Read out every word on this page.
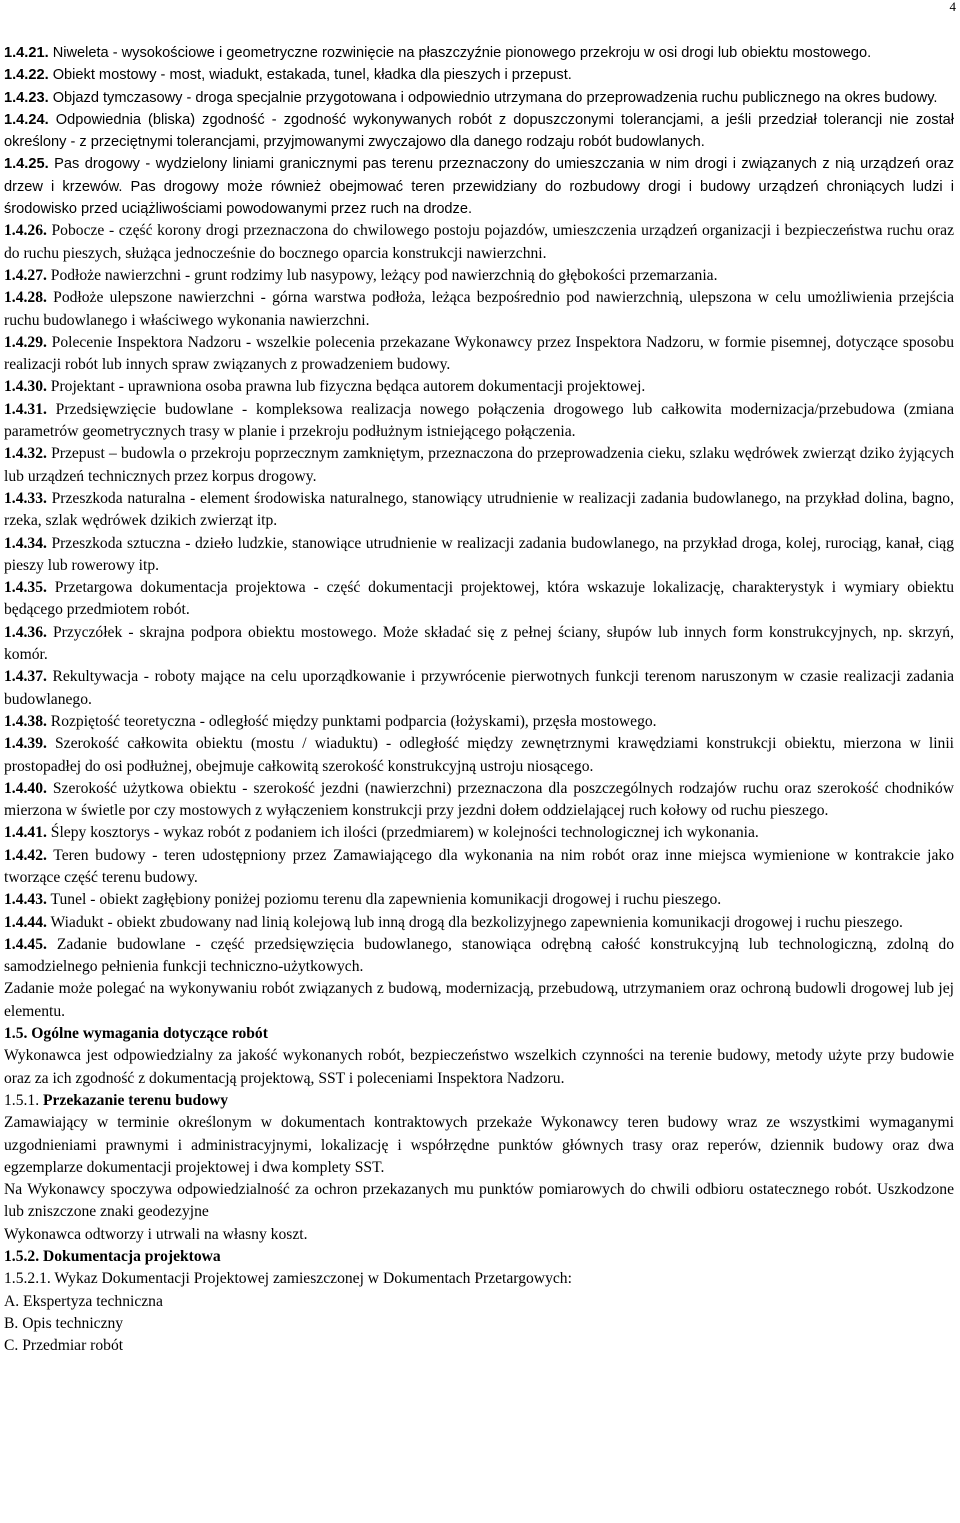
4

1.4.21. Niweleta - wysokościowe i geometryczne rozwinięcie na płaszczyźnie pionowego przekroju w osi drogi lub obiektu mostowego.

1.4.22. Obiekt mostowy - most, wiadukt, estakada, tunel, kładka dla pieszych i przepust.

1.4.23. Objazd tymczasowy - droga specjalnie przygotowana i odpowiednio utrzymana do przeprowadzenia ruchu publicznego na okres budowy.

1.4.24. Odpowiednia (bliska) zgodność - zgodność wykonywanych robót z dopuszczonymi tolerancjami, a jeśli przedział tolerancji nie został określony - z przeciętnymi tolerancjami, przyjmowanymi zwyczajowo dla danego rodzaju robót budowlanych.

1.4.25. Pas drogowy - wydzielony liniami granicznymi pas terenu przeznaczony do umieszczania w nim drogi i związanych z nią urządzeń oraz drzew i krzewów. Pas drogowy może również obejmować teren przewidziany do rozbudowy drogi i budowy urządzeń chroniących ludzi i środowisko przed uciążliwościami powodowanymi przez ruch na drodze.

1.4.26. Pobocze - część korony drogi przeznaczona do chwilowego postoju pojazdów, umieszczenia urządzeń organizacji i bezpieczeństwa ruchu oraz do ruchu pieszych, służąca jednocześnie do bocznego oparcia konstrukcji nawierzchni.

1.4.27. Podłoże nawierzchni - grunt rodzimy lub nasypowy, leżący pod nawierzchnią do głębokości przemarzania.

1.4.28. Podłoże ulepszone nawierzchni - górna warstwa podłoża, leżąca bezpośrednio pod nawierzchnią, ulepszona w celu umożliwienia przejścia ruchu budowlanego i właściwego wykonania nawierzchni.

1.4.29. Polecenie Inspektora Nadzoru - wszelkie polecenia przekazane Wykonawcy przez Inspektora Nadzoru, w formie pisemnej, dotyczące sposobu realizacji robót lub innych spraw związanych z prowadzeniem budowy.

1.4.30. Projektant - uprawniona osoba prawna lub fizyczna będąca autorem dokumentacji projektowej.

1.4.31. Przedsięwzięcie budowlane - kompleksowa realizacja nowego połączenia drogowego lub całkowita modernizacja/przebudowa (zmiana parametrów geometrycznych trasy w planie i przekroju podłużnym istniejącego połączenia.

1.4.32. Przepust – budowla o przekroju poprzecznym zamkniętym, przeznaczona do przeprowadzenia cieku, szlaku wędrówek zwierząt dziko żyjących lub urządzeń technicznych przez korpus drogowy.

1.4.33. Przeszkoda naturalna - element środowiska naturalnego, stanowiący utrudnienie w realizacji zadania budowlanego, na przykład dolina, bagno, rzeka, szlak wędrówek dzikich zwierząt itp.

1.4.34. Przeszkoda sztuczna - dzieło ludzkie, stanowiące utrudnienie w realizacji zadania budowlanego, na przykład droga, kolej, rurociąg, kanał, ciąg pieszy lub rowerowy itp.

1.4.35. Przetargowa dokumentacja projektowa - część dokumentacji projektowej, która wskazuje lokalizację, charakterystyk i wymiary obiektu będącego przedmiotem robót.

1.4.36. Przyczółek - skrajna podpora obiektu mostowego. Może składać się z pełnej ściany, słupów lub innych form konstrukcyjnych, np. skrzyń, komór.

1.4.37. Rekultywacja - roboty mające na celu uporządkowanie i przywrócenie pierwotnych funkcji terenom naruszonym w czasie realizacji zadania budowlanego.

1.4.38. Rozpiętość teoretyczna - odległość między punktami podparcia (łożyskami), przęsła mostowego.

1.4.39. Szerokość całkowita obiektu (mostu / wiaduktu) - odległość między zewnętrznymi krawędziami konstrukcji obiektu, mierzona w linii prostopadłej do osi podłużnej, obejmuje całkowitą szerokość konstrukcyjną ustroju niosącego.

1.4.40. Szerokość użytkowa obiektu - szerokość jezdni (nawierzchni) przeznaczona dla poszczególnych rodzajów ruchu oraz szerokość chodników mierzona w świetle por czy mostowych z wyłączeniem konstrukcji przy jezdni dołem oddzielającej ruch kołowy od ruchu pieszego.

1.4.41. Ślepy kosztorys - wykaz robót z podaniem ich ilości (przedmiarem) w kolejności technologicznej ich wykonania.

1.4.42. Teren budowy - teren udostępniony przez Zamawiającego dla wykonania na nim robót oraz inne miejsca wymienione w kontrakcie jako tworzące część terenu budowy.

1.4.43. Tunel - obiekt zagłębiony poniżej poziomu terenu dla zapewnienia komunikacji drogowej i ruchu pieszego.

1.4.44. Wiadukt - obiekt zbudowany nad linią kolejową lub inną drogą dla bezkolizyjnego zapewnienia komunikacji drogowej i ruchu pieszego.

1.4.45. Zadanie budowlane - część przedsięwzięcia budowlanego, stanowiąca odrębną całość konstrukcyjną lub technologiczną, zdolną do samodzielnego pełnienia funkcji techniczno-użytkowych.

Zadanie może polegać na wykonywaniu robót związanych z budową, modernizacją, przebudową, utrzymaniem oraz ochroną budowli drogowej lub jej elementu.

1.5. Ogólne wymagania dotyczące robót

Wykonawca jest odpowiedzialny za jakość wykonanych robót, bezpieczeństwo wszelkich czynności na terenie budowy, metody użyte przy budowie oraz za ich zgodność z dokumentacją projektową, SST i poleceniami Inspektora Nadzoru.

1.5.1. Przekazanie terenu budowy

Zamawiający w terminie określonym w dokumentach kontraktowych przekaże Wykonawcy teren budowy wraz ze wszystkimi wymaganymi uzgodnieniami prawnymi i administracyjnymi, lokalizację i współrzędne punktów głównych trasy oraz reperów, dziennik budowy oraz dwa egzemplarze dokumentacji projektowej i dwa komplety SST.

Na Wykonawcy spoczywa odpowiedzialność za ochron przekazanych mu punktów pomiarowych do chwili odbioru ostatecznego robót. Uszkodzone lub zniszczone znaki geodezyjne

Wykonawca odtworzy i utrwali na własny koszt.

1.5.2. Dokumentacja projektowa

1.5.2.1. Wykaz Dokumentacji Projektowej zamieszczonej w Dokumentach Przetargowych:

A. Ekspertyza techniczna

B. Opis techniczny

C. Przedmiar robót
